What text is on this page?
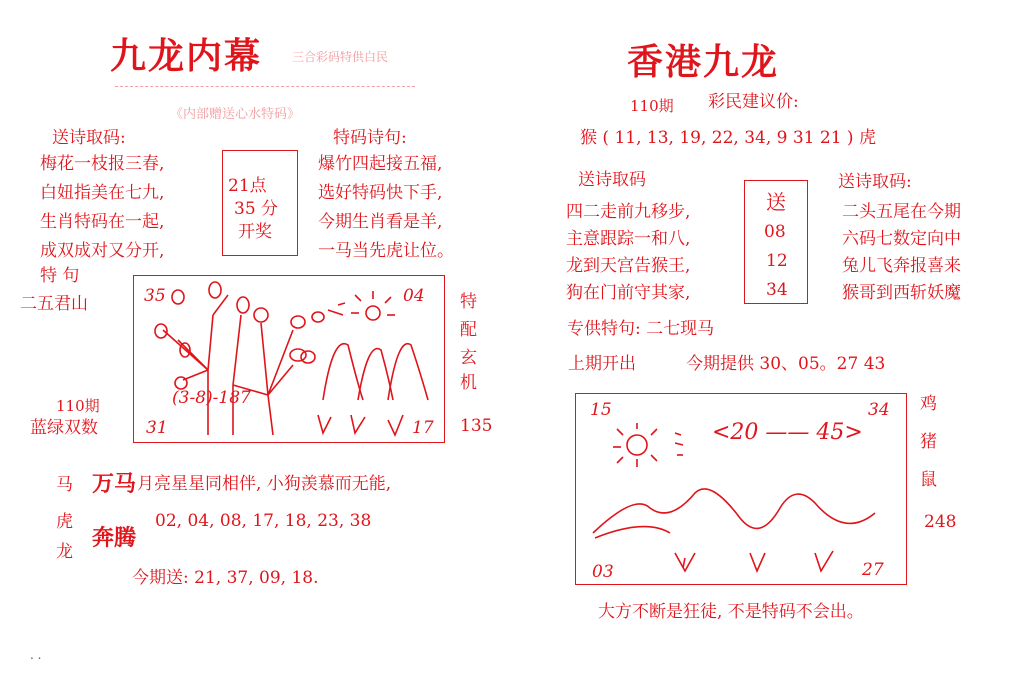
九龙内幕 三合彩码特供白民
《内部赠送心水特码》
送诗取码:
梅花一枝报三春,
白妞指美在七九,
生肖特码在一起,
成双成对又分开,
21点
35 分
开奖
特码诗句:
爆竹四起接五福,
选好特码快下手,
今期生肖看是羊,
一马当先虎让位。
特 句
二五君山	特
配
玄
机
135
110期
蓝绿双数
35	04
31	17
(3-8)-187
马
虎
龙
万马
奔腾
月亮星星同相伴, 小狗羡慕而无能,
02, 04, 08, 17, 18, 23, 38
今期送: 21, 37, 09, 18.
香港九龙
110期 彩民建议价:
猴 ( 11, 13, 19, 22, 34, 9 31 21 ) 虎
送诗取码
四二走前九移步,
主意跟踪一和八,
龙到天宫告猴王,
狗在门前守其家,
送
08
12
34
送诗取码:
二头五尾在今期
六码七数定向中
兔儿飞奔报喜来
猴哥到西斩妖魔
专供特句: 二七现马
上期开出	今期提供 30、05。27 43
15	34
03	27
<20 —— 45>
鸡
猪
鼠
248
大方不断是狂徒, 不是特码不会出。
. .
